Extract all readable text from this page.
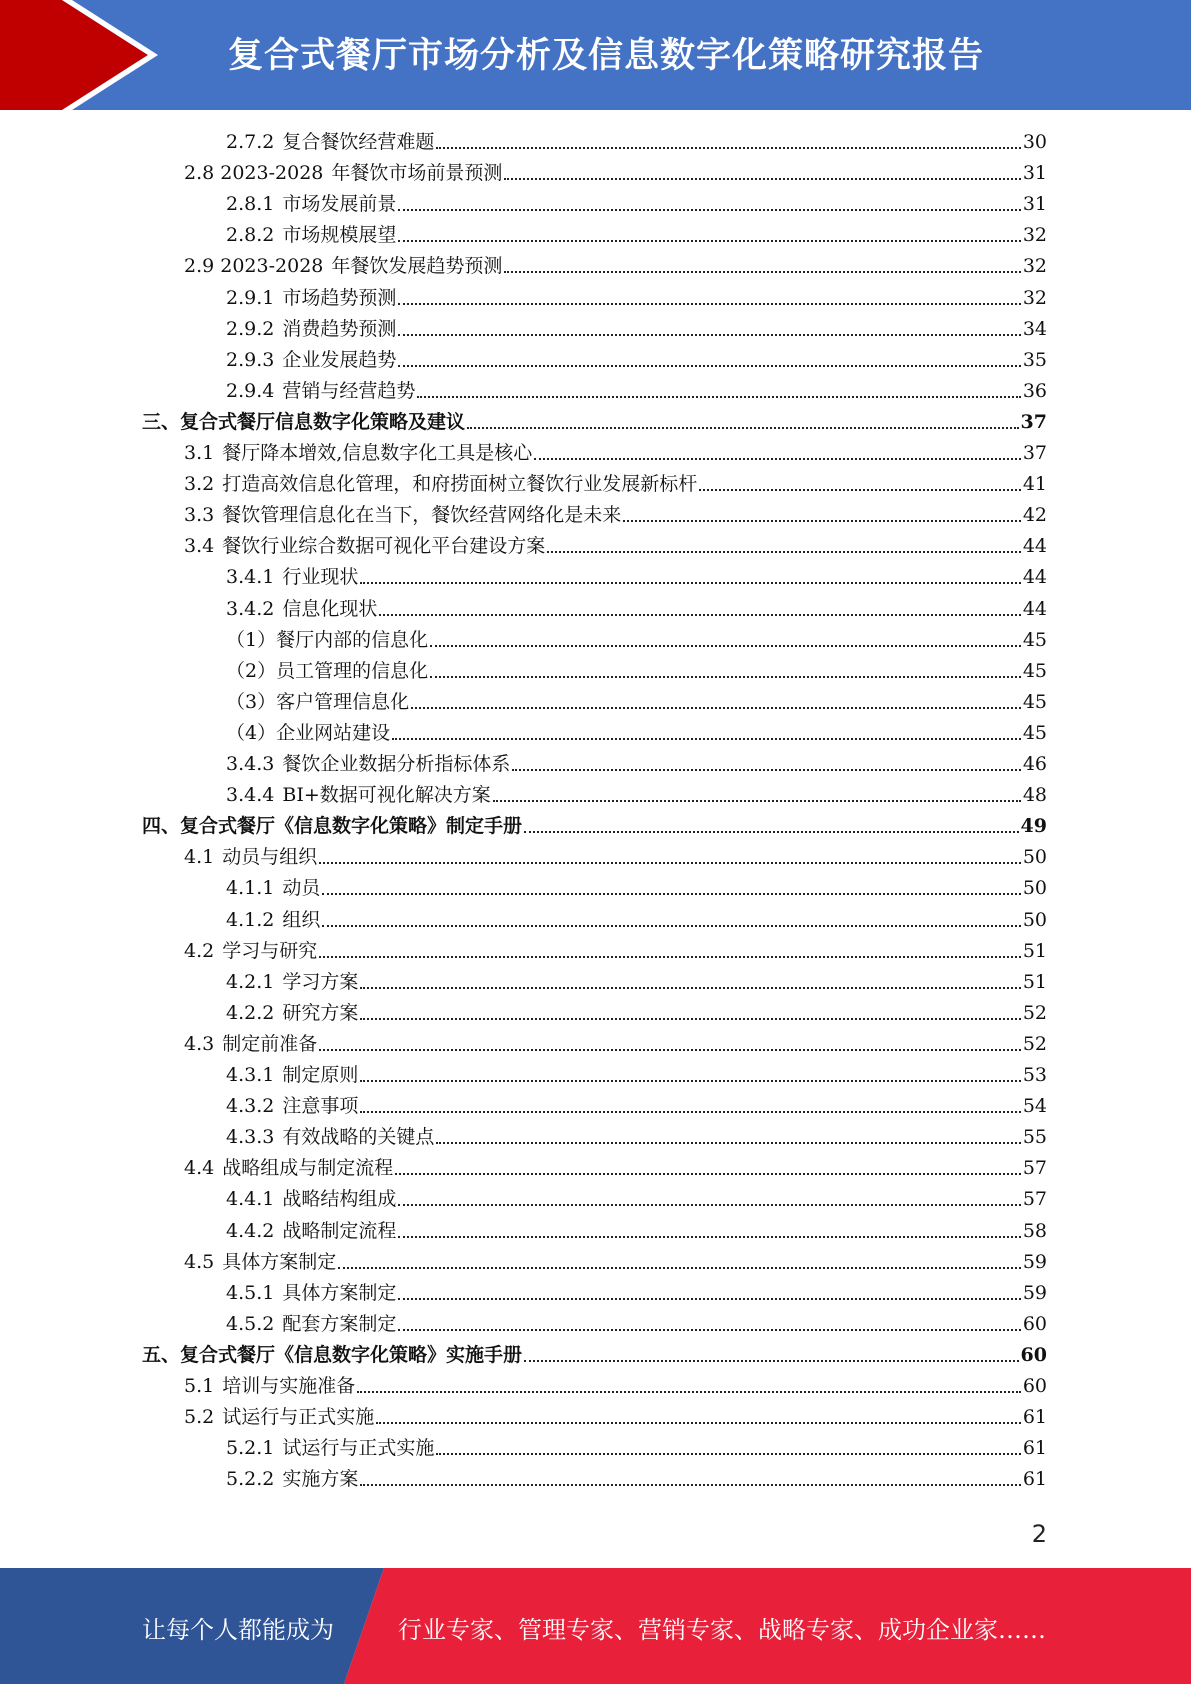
复合式餐厅市场分析及信息数字化策略研究报告
2.7.2 复合餐饮经营难题	30
2.8 2023-2028 年餐饮市场前景预测	31
2.8.1 市场发展前景	31
2.8.2 市场规模展望	32
2.9 2023-2028 年餐饮发展趋势预测	32
2.9.1 市场趋势预测	32
2.9.2 消费趋势预测	34
2.9.3 企业发展趋势	35
2.9.4 营销与经营趋势	36
三、复合式餐厅信息数字化策略及建议	37
3.1 餐厅降本增效,信息数字化工具是核心	37
3.2 打造高效信息化管理，和府捞面树立餐饮行业发展新标杆	41
3.3 餐饮管理信息化在当下，餐饮经营网络化是未来	42
3.4 餐饮行业综合数据可视化平台建设方案	44
3.4.1 行业现状	44
3.4.2 信息化现状	44
（1）餐厅内部的信息化	45
（2）员工管理的信息化	45
（3）客户管理信息化	45
（4）企业网站建设	45
3.4.3 餐饮企业数据分析指标体系	46
3.4.4 BI+数据可视化解决方案	48
四、复合式餐厅《信息数字化策略》制定手册	49
4.1 动员与组织	50
4.1.1 动员	50
4.1.2 组织	50
4.2 学习与研究	51
4.2.1 学习方案	51
4.2.2 研究方案	52
4.3 制定前准备	52
4.3.1 制定原则	53
4.3.2 注意事项	54
4.3.3 有效战略的关键点	55
4.4 战略组成与制定流程	57
4.4.1 战略结构组成	57
4.4.2 战略制定流程	58
4.5 具体方案制定	59
4.5.1 具体方案制定	59
4.5.2 配套方案制定	60
五、复合式餐厅《信息数字化策略》实施手册	60
5.1 培训与实施准备	60
5.2 试运行与正式实施	61
5.2.1 试运行与正式实施	61
5.2.2 实施方案	61
2
让每个人都能成为	行业专家、管理专家、营销专家、战略专家、成功企业家……
